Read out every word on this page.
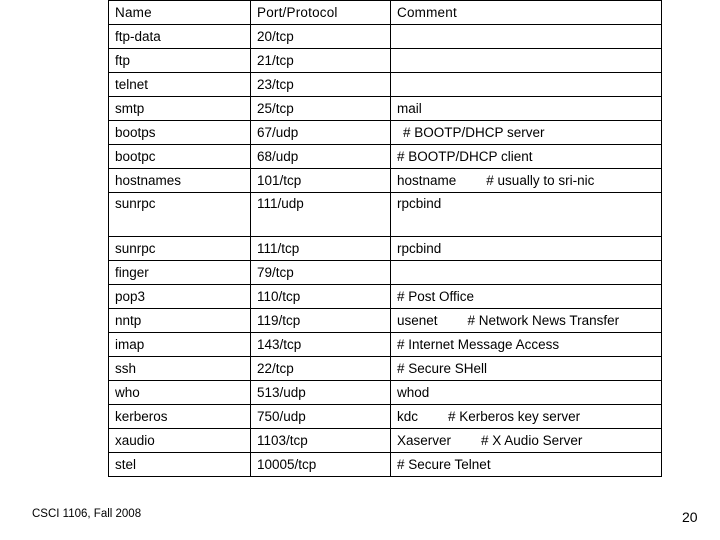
Name	Port/Protocol	Comment
ftp-data	20/tcp	
ftp	21/tcp	
telnet	23/tcp	
smtp	25/tcp	mail
bootps	67/udp	# BOOTP/DHCP server
bootpc	68/udp	# BOOTP/DHCP client
hostnames	101/tcp	hostname        # usually to sri-nic
sunrpc	111/udp	rpcbind
sunrpc	111/tcp	rpcbind
finger	79/tcp	
pop3	110/tcp	# Post Office
nntp	119/tcp	usenet        # Network News Transfer
imap	143/tcp	# Internet Message Access
ssh	22/tcp	# Secure SHell
who	513/udp	whod
kerberos	750/udp	kdc        # Kerberos key server
xaudio	1103/tcp	Xaserver        # X Audio Server
stel	10005/tcp	# Secure Telnet
CSCI 1106, Fall 2008	20
